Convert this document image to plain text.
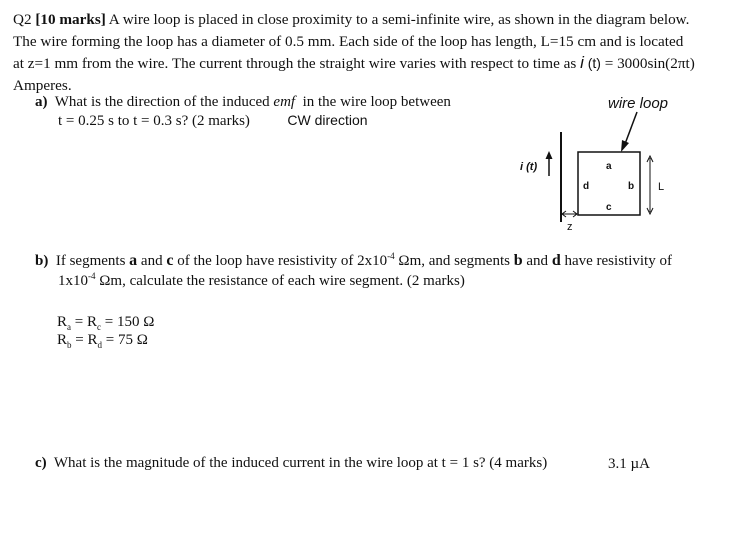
Q2 [10 marks] A wire loop is placed in close proximity to a semi-infinite wire, as shown in the diagram below.

The wire forming the loop has a diameter of 0.5 mm. Each side of the loop has length, L=15 cm and is located

at z=1 mm from the wire. The current through the straight wire varies with respect to time as i (t) = 3000sin(2πt)

Amperes.

a) What is the direction of the induced emf in the wire loop between
t = 0.25 s to t = 0.3 s? (2 marks)	CW direction
wire loop
i (t)	a
d	b
c
L
z
b) If segments a and c of the loop have resistivity of $2x10^{-4}$ Ωm, and segments b and d have resistivity of
$1x10^{-4}$ Ωm, calculate the resistance of each wire segment. (2 marks)
$R_a = R_c = 150$ Ω
$R_b = R_d = 75$ Ω
c) What is the magnitude of the induced current in the wire loop at t = 1 s? (4 marks)	3.1 µA
